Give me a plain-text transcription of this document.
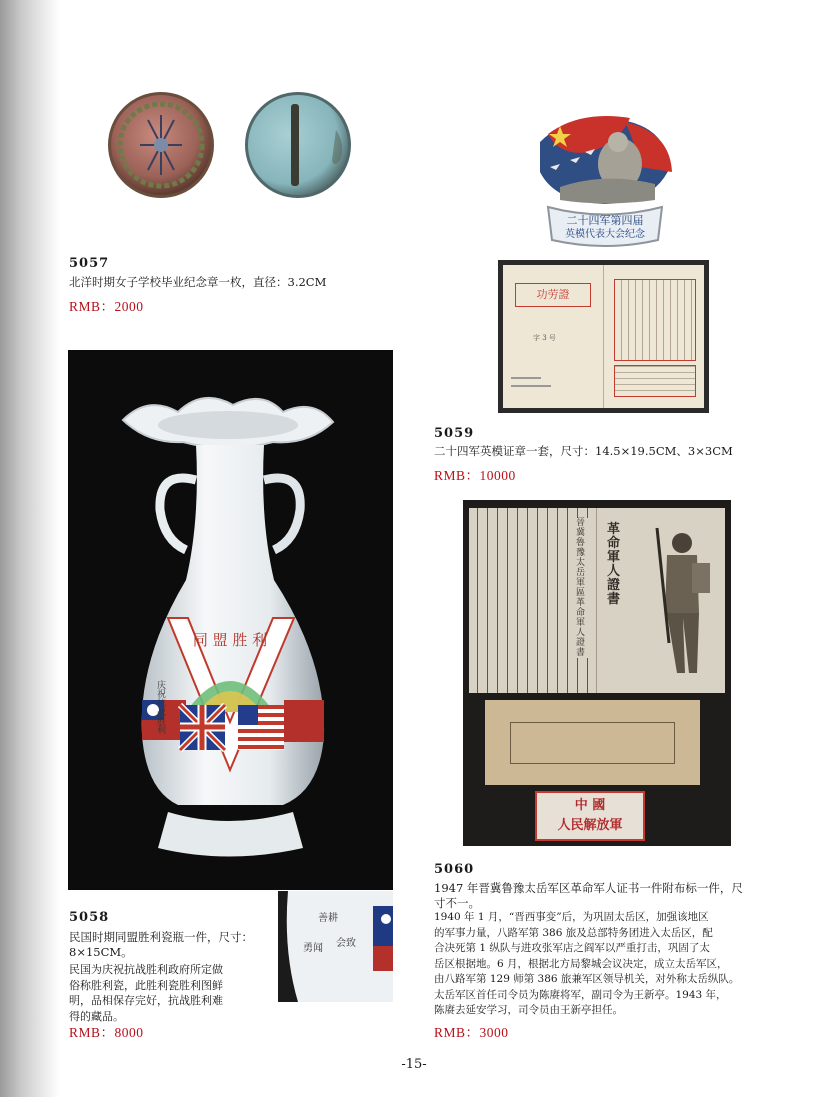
5057
北洋时期女子学校毕业纪念章一枚，直径：3.2CM
RMB：2000
二十四军第四届
英模代表大会纪念
功劳證
字 3 号
5059
二十四军英模证章一套，尺寸：14.5×19.5CM、3×3CM
RMB：10000
同 盟 胜 利
庆祝抗战胜利
善耕
会致
勇闻
5058
民国时期同盟胜利瓷瓶一件，尺寸：8×15CM。
民国为庆祝抗战胜利政府所定做
俗称胜利瓷，此胜利瓷胜利图鲜
明，品相保存完好，抗战胜利难
得的藏品。
RMB：8000
晉冀魯豫太岳軍區革命軍人證書
革命軍人證書
中 國
人民解放軍
5060
1947 年晋冀鲁豫太岳军区革命军人证书一件附布标一件，尺
寸不一。
1940 年 1 月，“晋西事变”后，为巩固太岳区，加强该地区
的军事力量，八路军第 386 旅及总部特务团进入太岳区，配
合决死第 1 纵队与进攻张军店之阎军以严重打击，巩固了太
岳区根据地。6 月，根据北方局黎城会议决定，成立太岳军区，
由八路军第 129 师第 386 旅兼军区领导机关，对外称太岳纵队。
太岳军区首任司令员为陈赓将军，副司令为王新亭。1943 年，
陈赓去延安学习，司令员由王新亭担任。
RMB：3000
-15-
